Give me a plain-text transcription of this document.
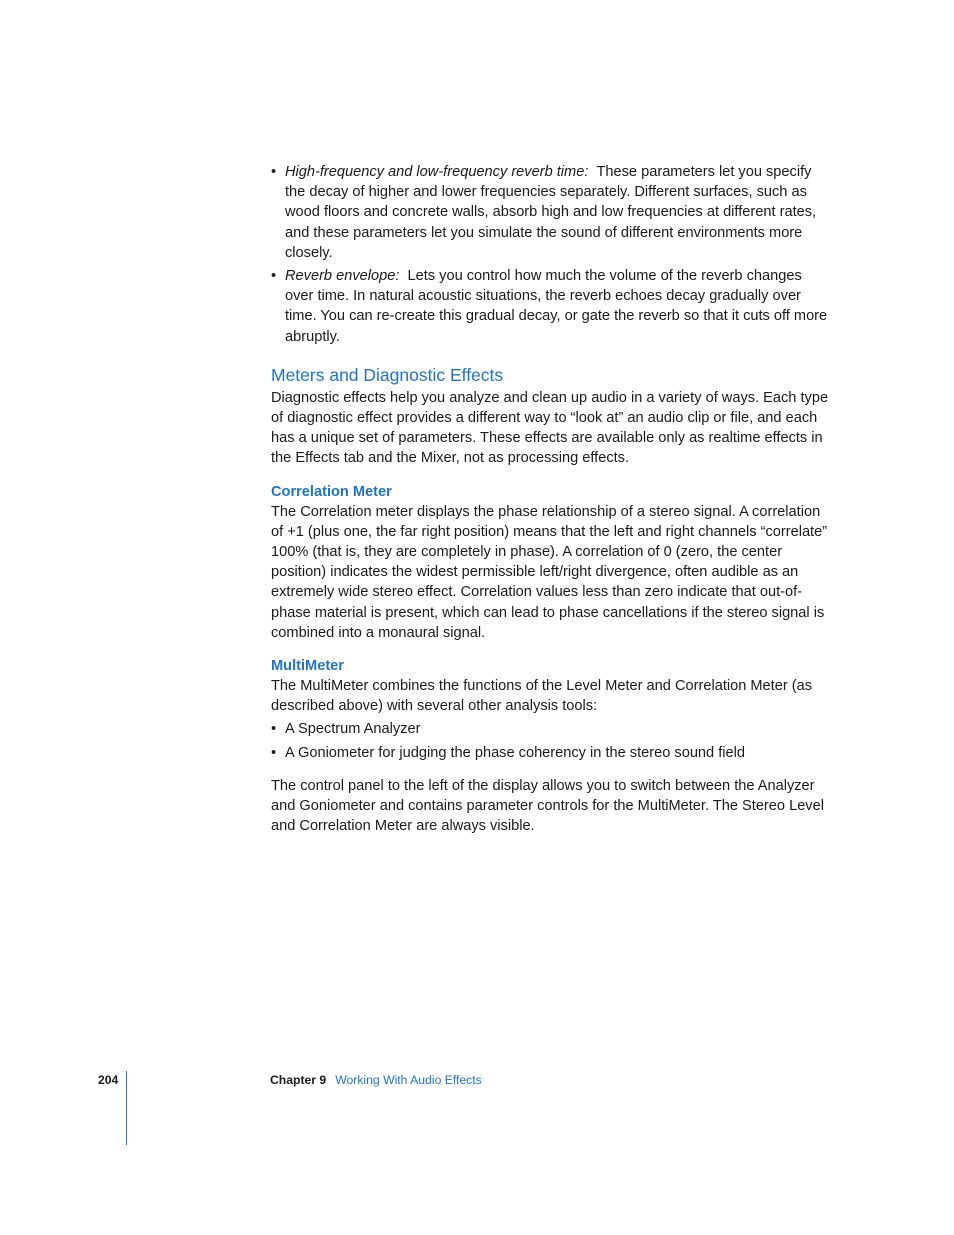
• High-frequency and low-frequency reverb time: These parameters let you specify the decay of higher and lower frequencies separately. Different surfaces, such as wood floors and concrete walls, absorb high and low frequencies at different rates, and these parameters let you simulate the sound of different environments more closely.
• Reverb envelope: Lets you control how much the volume of the reverb changes over time. In natural acoustic situations, the reverb echoes decay gradually over time. You can re-create this gradual decay, or gate the reverb so that it cuts off more abruptly.
Meters and Diagnostic Effects

Diagnostic effects help you analyze and clean up audio in a variety of ways. Each type of diagnostic effect provides a different way to “look at” an audio clip or file, and each has a unique set of parameters. These effects are available only as realtime effects in the Effects tab and the Mixer, not as processing effects.

Correlation Meter

The Correlation meter displays the phase relationship of a stereo signal. A correlation of +1 (plus one, the far right position) means that the left and right channels “correlate” 100% (that is, they are completely in phase). A correlation of 0 (zero, the center position) indicates the widest permissible left/right divergence, often audible as an extremely wide stereo effect. Correlation values less than zero indicate that out-of-phase material is present, which can lead to phase cancellations if the stereo signal is combined into a monaural signal.

MultiMeter

The MultiMeter combines the functions of the Level Meter and Correlation Meter (as described above) with several other analysis tools:

• A Spectrum Analyzer
• A Goniometer for judging the phase coherency in the stereo sound field

The control panel to the left of the display allows you to switch between the Analyzer and Goniometer and contains parameter controls for the MultiMeter. The Stereo Level and Correlation Meter are always visible.

204	Chapter 9 Working With Audio Effects
